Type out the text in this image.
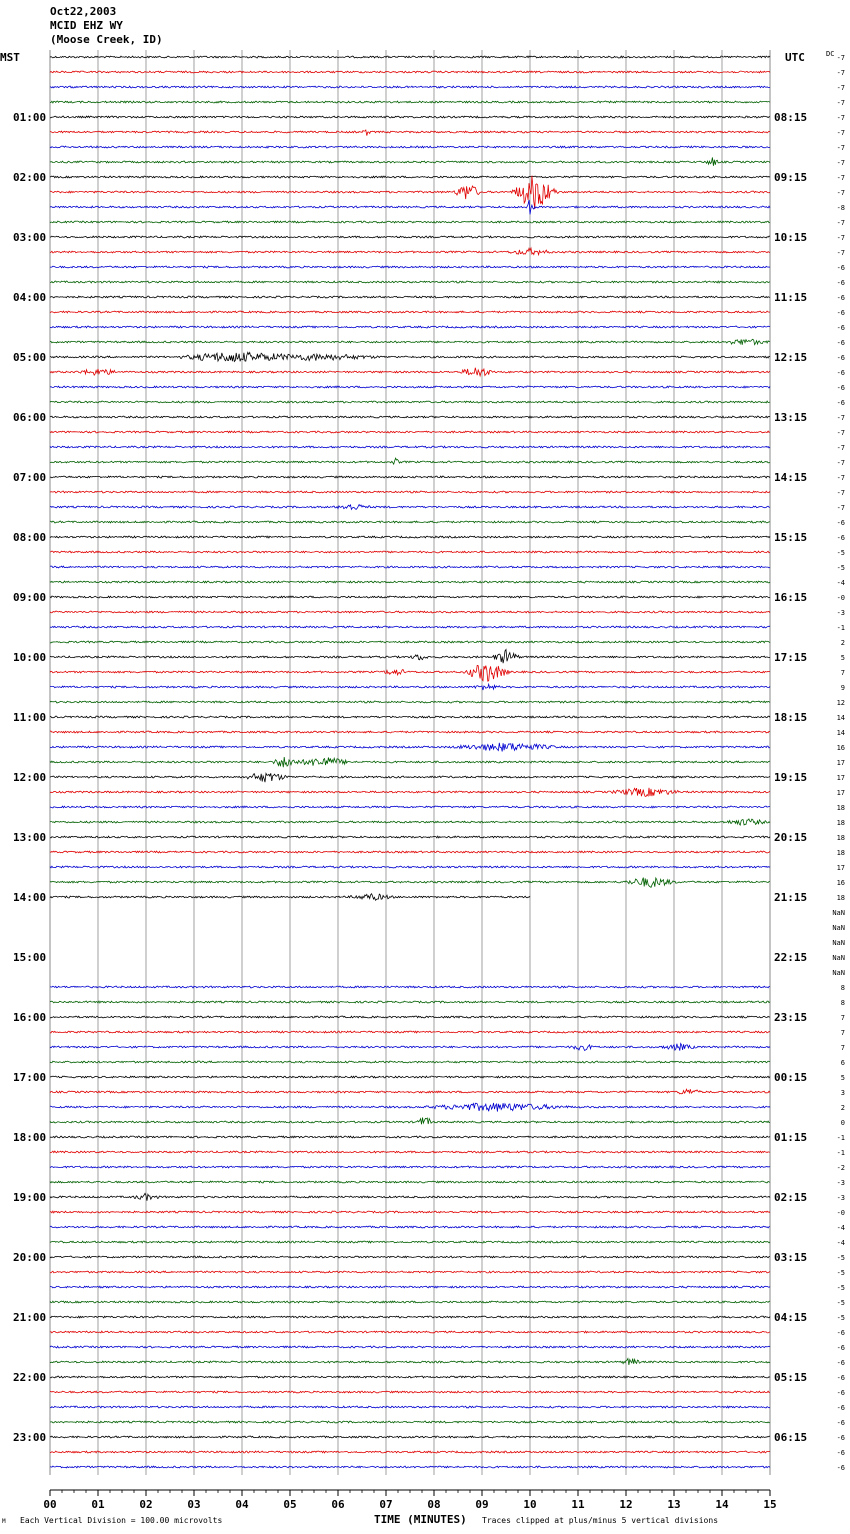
Oct22,2003
MCID EHZ WY
(Moose Creek, ID)
MST	UTC	DC
01:00	08:15
02:00	09:15
03:00	10:15
04:00	11:15
05:00	12:15
06:00	13:15
07:00	14:15
08:00	15:15
09:00	16:15
10:00	17:15
11:00	18:15
12:00	19:15
13:00	20:15
14:00	21:15
15:00	22:15
16:00	23:15
17:00	00:15
18:00	01:15
19:00	02:15
20:00	03:15
21:00	04:15
22:00	05:15
23:00	06:15
-7
-7
-7
-7
-7
-7
-7
-7
-7
-7
-8
-7
-7
-7
-6
-6
-6
-6
-6
-6
-6
-6
-6
-6
-7
-7
-7
-7
-7
-7
-7
-6
-6
-5
-5
-4
-0
-3
-1
2
5
7
9
12
14
14
16
17
17
17
18
18
18
18
17
16
18
NaN
NaN
NaN
NaN
NaN
8
8
7
7
7
6
5
3
2
0
-1
-1
-2
-3
-3
-0
-4
-4
-5
-5
-5
-5
-5
-6
-6
-6
-6
-6
-6
-6
-6
-6
-6
00	01	02	03	04	05	06	07	08	09	10	11	12	13	14	15
M Each Vertical Division = 100.00 microvolts	TIME (MINUTES) Traces clipped at plus/minus 5 vertical divisions
